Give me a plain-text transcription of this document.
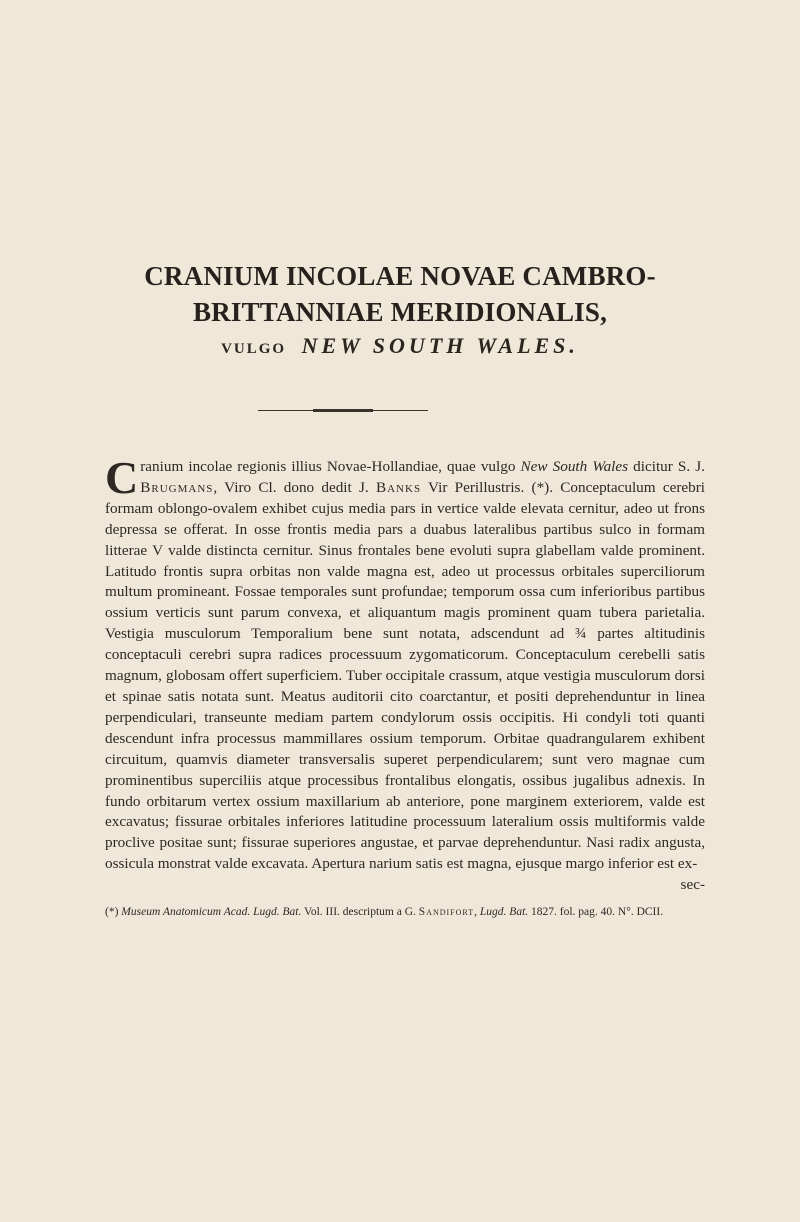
CRANIUM INCOLAE NOVAE CAMBRO-
BRITTANNIAE MERIDIONALIS,
VULGO NEW SOUTH WALES.
C ranium incolae regionis illius Novae-Hollandiae, quae vulgo New South Wales dicitur S. J. Brugmans, Viro Cl. dono dedit J. Banks Vir Perillustris. (*). Conceptaculum cerebri formam oblongo-ovalem exhibet cujus media pars in vertice valde elevata cernitur, adeo ut frons depressa se offerat. In osse frontis media pars a duabus lateralibus partibus sulco in formam litterae V valde distincta cernitur. Sinus frontales bene evoluti supra glabellam valde prominent. Latitudo frontis supra orbitas non valde magna est, adeo ut processus orbitales superciliorum multum promineant. Fossae temporales sunt profundae; temporum ossa cum inferioribus partibus ossium verticis sunt parum convexa, et aliquantum magis prominent quam tubera parietalia. Vestigia musculorum Temporalium bene sunt notata, adscendunt ad ¾ partes altitudinis conceptaculi cerebri supra radices processuum zygomaticorum. Conceptaculum cerebelli satis magnum, globosam offert superficiem. Tuber occipitale crassum, atque vestigia musculorum dorsi et spinae satis notata sunt. Meatus auditorii cito coarctantur, et positi deprehenduntur in linea perpendiculari, transeunte mediam partem condylorum ossis occipitis. Hi condyli toti quanti descendunt infra processus mammillares ossium temporum. Orbitae quadrangularem exhibent circuitum, quamvis diameter transversalis superet perpendicularem; sunt vero magnae cum prominentibus superciliis atque processibus frontalibus elongatis, ossibus jugalibus adnexis. In fundo orbitarum vertex ossium maxillarium ab anteriore, pone marginem exteriorem, valde est excavatus; fissurae orbitales inferiores latitudine processuum lateralium ossis multiformis valde proclive positae sunt; fissurae superiores angustae, et parvae deprehenduntur. Nasi radix angusta, ossicula monstrat valde excavata. Apertura narium satis est magna, ejusque margo inferior est ex-
sec-
(*) Museum Anatomicum Acad. Lugd. Bat. Vol. III. descriptum a G. Sandifort, Lugd. Bat. 1827. fol. pag. 40. N°. DCII.
